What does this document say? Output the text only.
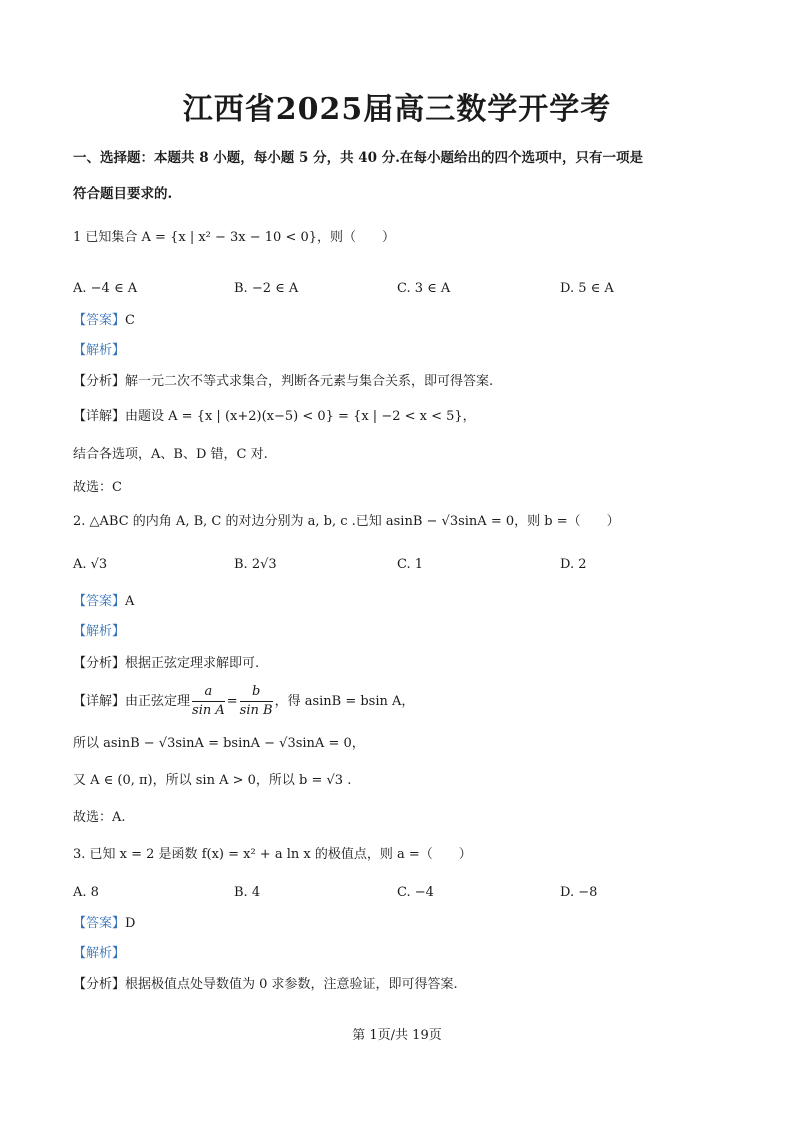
江西省2025届高三数学开学考
一、选择题：本题共 8 小题，每小题 5 分，共 40 分.在每小题给出的四个选项中，只有一项是
符合题目要求的.
1 已知集合 A = {x | x² − 3x − 10 < 0}，则（　　）
A. −4 ∈ A	B. −2 ∈ A	C. 3 ∈ A	D. 5 ∈ A
【答案】C
【解析】
【分析】解一元二次不等式求集合，判断各元素与集合关系，即可得答案.
【详解】由题设 A = {x | (x+2)(x−5) < 0} = {x | −2 < x < 5}，
结合各选项，A、B、D 错，C 对.
故选：C
2. △ABC 的内角 A, B, C 的对边分别为 a, b, c .已知 asinB − √3sinA = 0，则 b =（　　）
A. √3	B. 2√3	C. 1	D. 2
【答案】A
【解析】
【分析】根据正弦定理求解即可.
【详解】由正弦定理 $\frac{a}{\text{sin A}} = \frac{b}{\text{sin B}}$ ，得 asinB = bsin A，
所以 asinB − √3sinA = bsinA − √3sinA = 0，
又 A ∈ (0, π)，所以 sin A > 0，所以 b = √3 .
故选：A.
3. 已知 x = 2 是函数 f(x) = x² + a ln x 的极值点，则 a =（　　）
A. 8	B. 4	C. −4	D. −8
【答案】D
【解析】
【分析】根据极值点处导数值为 0 求参数，注意验证，即可得答案.
第 1页/共 19页
